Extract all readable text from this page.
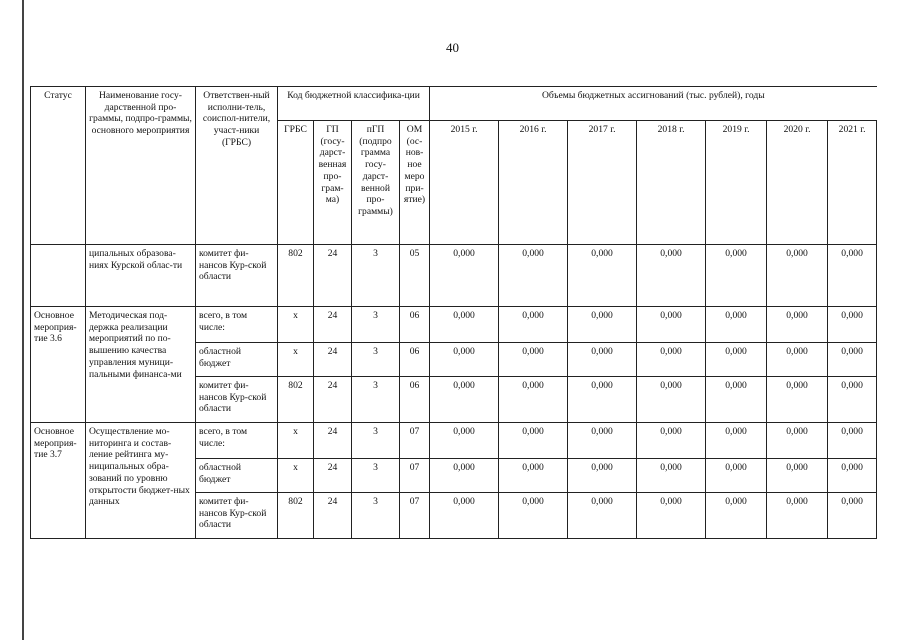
40
Статус	Наименование госу-дарственной про-граммы, подпро-граммы, основного мероприятия	Ответствен-ный исполни-тель, соиспол-нители, участ-ники (ГРБС)	Код бюджетной классифика-ции				Объемы бюджетных ассигнований (тыс. рублей), годы						
			ГРБС	ГП (госу-дарст-венная про-грам-ма)	пГП (подпро грамма госу-дарст-венной про-граммы)	ОМ (ос-нов-ное меро при-ятие)	2015 г.	2016 г.	2017 г.	2018 г.	2019 г.	2020 г.	2021 г.
	ципальных образова-ниях Курской облас-ти	комитет фи-нансов Кур-ской области	802	24	3	05	0,000	0,000	0,000	0,000	0,000	0,000	0,000
Основное мероприя-тие 3.6	Методическая под-держка реализации мероприятий по по-вышению качества управления муници-пальными финанса-ми	всего, в том числе:	х	24	3	06	0,000	0,000	0,000	0,000	0,000	0,000	0,000
		областной бюджет	х	24	3	06	0,000	0,000	0,000	0,000	0,000	0,000	0,000
		комитет фи-нансов Кур-ской области	802	24	3	06	0,000	0,000	0,000	0,000	0,000	0,000	0,000
Основное мероприя-тие 3.7	Осуществление мо-ниторинга и состав-ление рейтинга му-ниципальных обра-зований по уровню открытости бюджет-ных данных	всего, в том числе:	х	24	3	07	0,000	0,000	0,000	0,000	0,000	0,000	0,000
		областной бюджет	х	24	3	07	0,000	0,000	0,000	0,000	0,000	0,000	0,000
		комитет фи-нансов Кур-ской области	802	24	3	07	0,000	0,000	0,000	0,000	0,000	0,000	0,000
